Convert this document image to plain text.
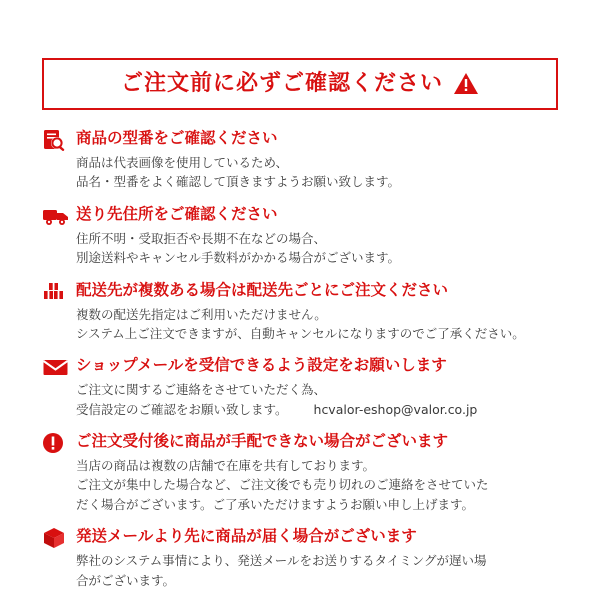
ご注文前に必ずご確認ください
商品の型番をご確認ください
商品は代表画像を使用しているため、
品名・型番をよく確認して頂きますようお願い致します。
送り先住所をご確認ください
住所不明・受取拒否や長期不在などの場合、
別途送料やキャンセル手数料がかかる場合がございます。
配送先が複数ある場合は配送先ごとにご注文ください
複数の配送先指定はご利用いただけません。
システム上ご注文できますが、自動キャンセルになりますのでご了承ください。
ショップメールを受信できるよう設定をお願いします
ご注文に関するご連絡をさせていただく為、
受信設定のご確認をお願い致します。 hcvalor-eshop@valor.co.jp
ご注文受付後に商品が手配できない場合がございます
当店の商品は複数の店舗で在庫を共有しております。
ご注文が集中した場合など、ご注文後でも売り切れのご連絡をさせていた
だく場合がございます。ご了承いただけますようお願い申し上げます。
発送メールより先に商品が届く場合がございます
弊社のシステム事情により、発送メールをお送りするタイミングが遅い場
合がございます。
